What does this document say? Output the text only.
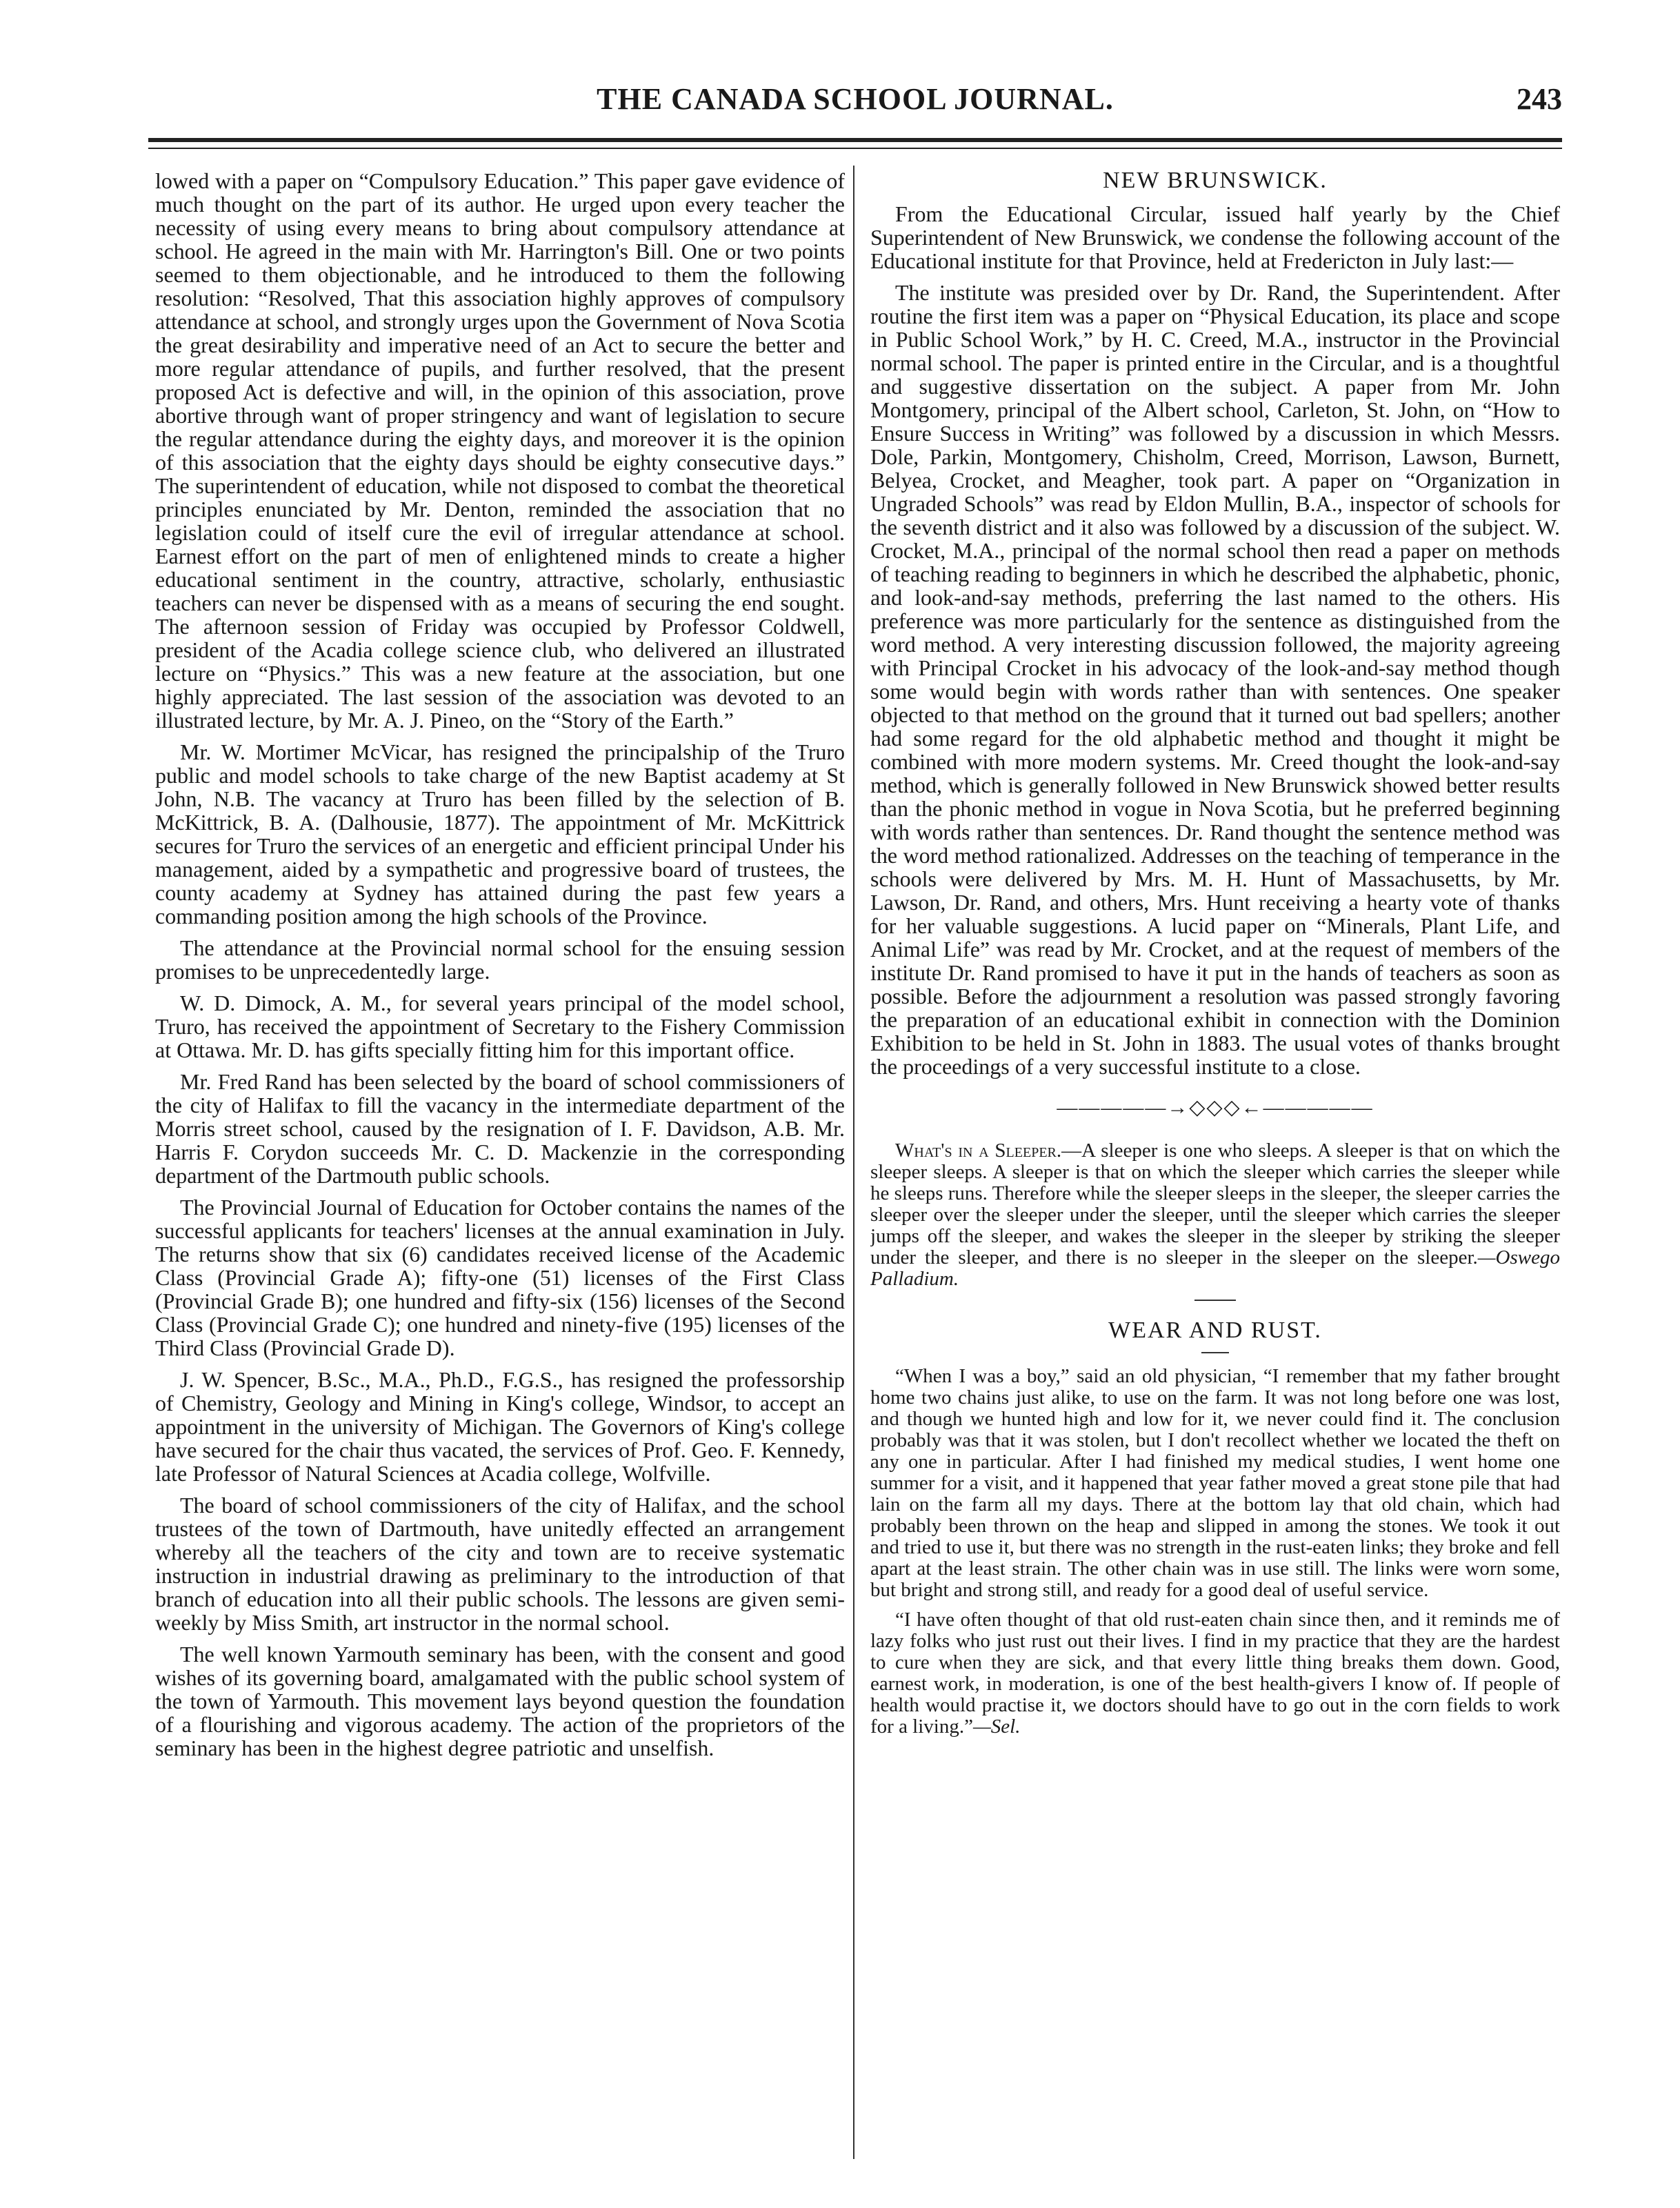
THE CANADA SCHOOL JOURNAL.	243

lowed with a paper on “Compulsory Education.” This paper gave evidence of much thought on the part of its author. He urged upon every teacher the necessity of using every means to bring about compulsory attendance at school. He agreed in the main with Mr. Harrington's Bill. One or two points seemed to them objectionable, and he introduced to them the following resolution: “Resolved, That this association highly approves of compulsory attendance at school, and strongly urges upon the Government of Nova Scotia the great desirability and imperative need of an Act to secure the better and more regular attendance of pupils, and further resolved, that the present proposed Act is defective and will, in the opinion of this association, prove abortive through want of proper stringency and want of legislation to secure the regular attendance during the eighty days, and moreover it is the opinion of this association that the eighty days should be eighty consecutive days.” The superintendent of education, while not disposed to combat the theoretical principles enunciated by Mr. Denton, reminded the association that no legislation could of itself cure the evil of irregular attendance at school. Earnest effort on the part of men of enlightened minds to create a higher educational sentiment in the country, attractive, scholarly, enthusiastic teachers can never be dispensed with as a means of securing the end sought. The afternoon session of Friday was occupied by Professor Coldwell, president of the Acadia college science club, who delivered an illustrated lecture on “Physics.” This was a new feature at the association, but one highly appreciated. The last session of the association was devoted to an illustrated lecture, by Mr. A. J. Pineo, on the “Story of the Earth.”

Mr. W. Mortimer McVicar, has resigned the principalship of the Truro public and model schools to take charge of the new Baptist academy at St John, N.B. The vacancy at Truro has been filled by the selection of B. McKittrick, B. A. (Dalhousie, 1877). The appointment of Mr. McKittrick secures for Truro the services of an energetic and efficient principal Under his management, aided by a sympathetic and progressive board of trustees, the county academy at Sydney has attained during the past few years a commanding position among the high schools of the Province.

The attendance at the Provincial normal school for the ensuing session promises to be unprecedentedly large.

W. D. Dimock, A. M., for several years principal of the model school, Truro, has received the appointment of Secretary to the Fishery Commission at Ottawa. Mr. D. has gifts specially fitting him for this important office.

Mr. Fred Rand has been selected by the board of school commissioners of the city of Halifax to fill the vacancy in the intermediate department of the Morris street school, caused by the resignation of I. F. Davidson, A.B. Mr. Harris F. Corydon succeeds Mr. C. D. Mackenzie in the corresponding department of the Dartmouth public schools.

The Provincial Journal of Education for October contains the names of the successful applicants for teachers' licenses at the annual examination in July. The returns show that six (6) candidates received license of the Academic Class (Provincial Grade A); fifty-one (51) licenses of the First Class (Provincial Grade B); one hundred and fifty-six (156) licenses of the Second Class (Provincial Grade C); one hundred and ninety-five (195) licenses of the Third Class (Provincial Grade D).

J. W. Spencer, B.Sc., M.A., Ph.D., F.G.S., has resigned the professorship of Chemistry, Geology and Mining in King's college, Windsor, to accept an appointment in the university of Michigan. The Governors of King's college have secured for the chair thus vacated, the services of Prof. Geo. F. Kennedy, late Professor of Natural Sciences at Acadia college, Wolfville.

The board of school commissioners of the city of Halifax, and the school trustees of the town of Dartmouth, have unitedly effected an arrangement whereby all the teachers of the city and town are to receive systematic instruction in industrial drawing as preliminary to the introduction of that branch of education into all their public schools. The lessons are given semi-weekly by Miss Smith, art instructor in the normal school.

The well known Yarmouth seminary has been, with the consent and good wishes of its governing board, amalgamated with the public school system of the town of Yarmouth. This movement lays beyond question the foundation of a flourishing and vigorous academy. The action of the proprietors of the seminary has been in the highest degree patriotic and unselfish.

NEW BRUNSWICK.

From the Educational Circular, issued half yearly by the Chief Superintendent of New Brunswick, we condense the following account of the Educational institute for that Province, held at Fredericton in July last:—

The institute was presided over by Dr. Rand, the Superintendent. After routine the first item was a paper on “Physical Education, its place and scope in Public School Work,” by H. C. Creed, M.A., instructor in the Provincial normal school. The paper is printed entire in the Circular, and is a thoughtful and suggestive dissertation on the subject. A paper from Mr. John Montgomery, principal of the Albert school, Carleton, St. John, on “How to Ensure Success in Writing” was followed by a discussion in which Messrs. Dole, Parkin, Montgomery, Chisholm, Creed, Morrison, Lawson, Burnett, Belyea, Crocket, and Meagher, took part. A paper on “Organization in Ungraded Schools” was read by Eldon Mullin, B.A., inspector of schools for the seventh district and it also was followed by a discussion of the subject. W. Crocket, M.A., principal of the normal school then read a paper on methods of teaching reading to beginners in which he described the alphabetic, phonic, and look-and-say methods, preferring the last named to the others. His preference was more particularly for the sentence as distinguished from the word method. A very interesting discussion followed, the majority agreeing with Principal Crocket in his advocacy of the look-and-say method though some would begin with words rather than with sentences. One speaker objected to that method on the ground that it turned out bad spellers; another had some regard for the old alphabetic method and thought it might be combined with more modern systems. Mr. Creed thought the look-and-say method, which is generally followed in New Brunswick showed better results than the phonic method in vogue in Nova Scotia, but he preferred beginning with words rather than sentences. Dr. Rand thought the sentence method was the word method rationalized. Addresses on the teaching of temperance in the schools were delivered by Mrs. M. H. Hunt of Massachusetts, by Mr. Lawson, Dr. Rand, and others, Mrs. Hunt receiving a hearty vote of thanks for her valuable suggestions. A lucid paper on “Minerals, Plant Life, and Animal Life” was read by Mr. Crocket, and at the request of members of the institute Dr. Rand promised to have it put in the hands of teachers as soon as possible. Before the adjournment a resolution was passed strongly favoring the preparation of an educational exhibit in connection with the Dominion Exhibition to be held in St. John in 1883. The usual votes of thanks brought the proceedings of a very successful institute to a close.

—————→◇◇◇←—————

What's in a Sleeper.—A sleeper is one who sleeps. A sleeper is that on which the sleeper sleeps. A sleeper is that on which the sleeper which carries the sleeper while he sleeps runs. Therefore while the sleeper sleeps in the sleeper, the sleeper carries the sleeper over the sleeper under the sleeper, until the sleeper which carries the sleeper jumps off the sleeper, and wakes the sleeper in the sleeper by striking the sleeper under the sleeper, and there is no sleeper in the sleeper on the sleeper.—Oswego Palladium.

WEAR AND RUST.

“When I was a boy,” said an old physician, “I remember that my father brought home two chains just alike, to use on the farm. It was not long before one was lost, and though we hunted high and low for it, we never could find it. The conclusion probably was that it was stolen, but I don't recollect whether we located the theft on any one in particular. After I had finished my medical studies, I went home one summer for a visit, and it happened that year father moved a great stone pile that had lain on the farm all my days. There at the bottom lay that old chain, which had probably been thrown on the heap and slipped in among the stones. We took it out and tried to use it, but there was no strength in the rust-eaten links; they broke and fell apart at the least strain. The other chain was in use still. The links were worn some, but bright and strong still, and ready for a good deal of useful service.

“I have often thought of that old rust-eaten chain since then, and it reminds me of lazy folks who just rust out their lives. I find in my practice that they are the hardest to cure when they are sick, and that every little thing breaks them down. Good, earnest work, in moderation, is one of the best health-givers I know of. If people of health would practise it, we doctors should have to go out in the corn fields to work for a living.”—Sel.
